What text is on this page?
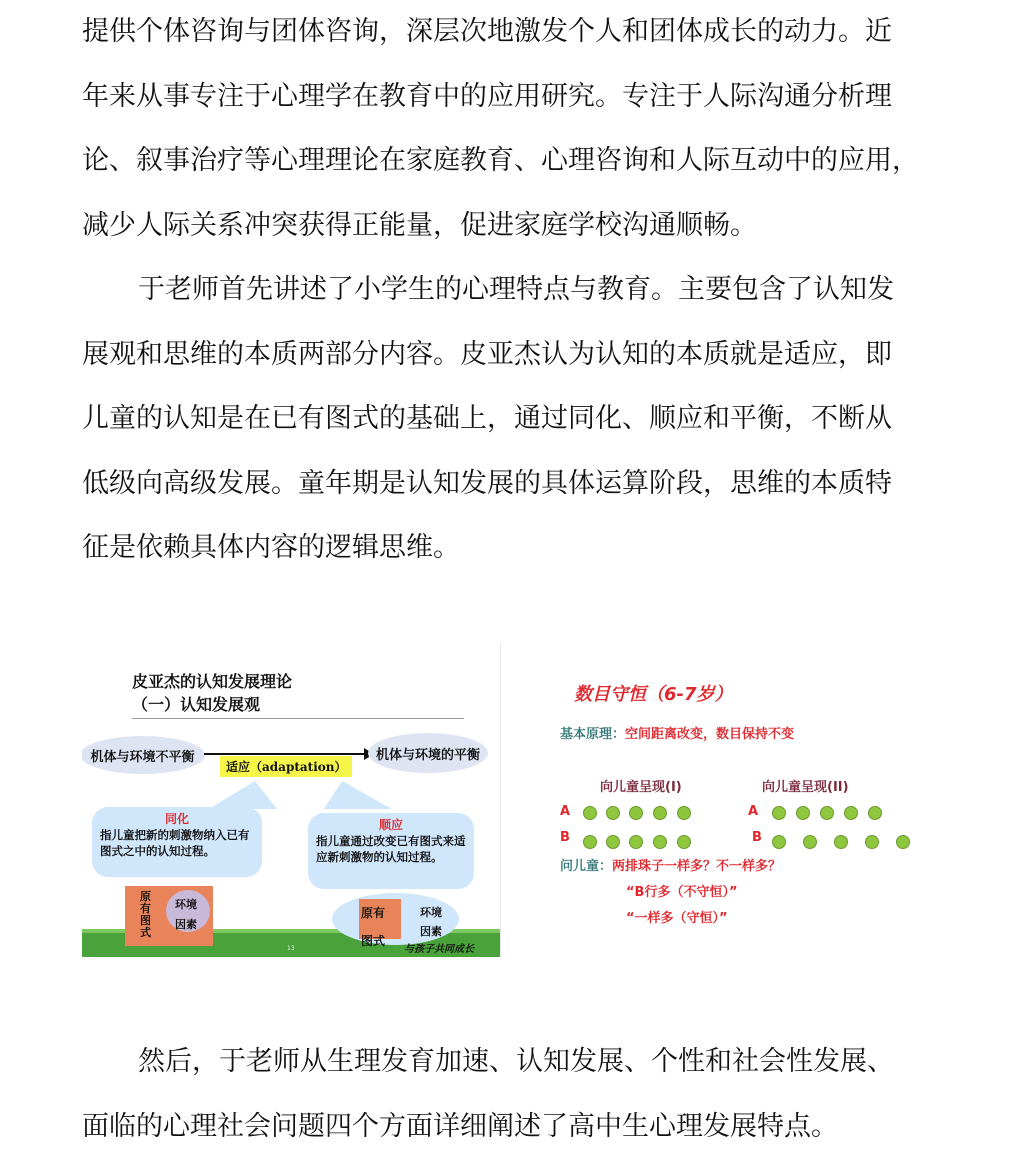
提供个体咨询与团体咨询，深层次地激发个人和团体成长的动力。近
年来从事专注于心理学在教育中的应用研究。专注于人际沟通分析理
论、叙事治疗等心理理论在家庭教育、心理咨询和人际互动中的应用，
减少人际关系冲突获得正能量，促进家庭学校沟通顺畅。
于老师首先讲述了小学生的心理特点与教育。主要包含了认知发
展观和思维的本质两部分内容。皮亚杰认为认知的本质就是适应，即
儿童的认知是在已有图式的基础上，通过同化、顺应和平衡，不断从
低级向高级发展。童年期是认知发展的具体运算阶段，思维的本质特
征是依赖具体内容的逻辑思维。
皮亚杰的认知发展理论
（一）认知发展观
机体与环境不平衡	机体与环境的平衡
适应（adaptation）
同化
指儿童把新的刺激物纳入已有图式之中的认知过程。
顺应
指儿童通过改变已有图式来适应新刺激物的认知过程。
原有图式
环境
因素
原有
图式
环境
因素
13	与孩子共同成长
数目守恒（6-7岁）
基本原理：空间距离改变，数目保持不变
向儿童呈现(I)	向儿童呈现(II)
A
B
A
B
问儿童：两排珠子一样多？不一样多？
“B行多（不守恒）”
“一样多（守恒）”
然后，于老师从生理发育加速、认知发展、个性和社会性发展、
面临的心理社会问题四个方面详细阐述了高中生心理发展特点。
